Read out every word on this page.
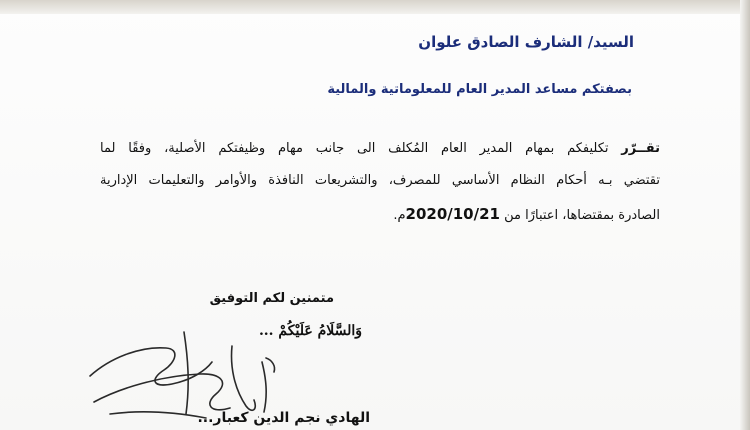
السيد/ الشارف الصادق علوان
بصفتكم مساعد المدير العام للمعلوماتية والمالية
تقــرّر تكليفكم بمهام المدير العام المُكلف الى جانب مهام وظيفتكم الأصلية، وفقًا لما
تقتضي بـه أحكام النظام الأساسي للمصرف، والتشريعات النافذة والأوامر والتعليمات الإدارية
الصادرة بمقتضاها، اعتبارًا من 2020/10/21م.
متمنين لكم التوفيق
وَالسَّلَامُ عَلَيْكُمْ ...
الهادي نجم الدين كعبار...
